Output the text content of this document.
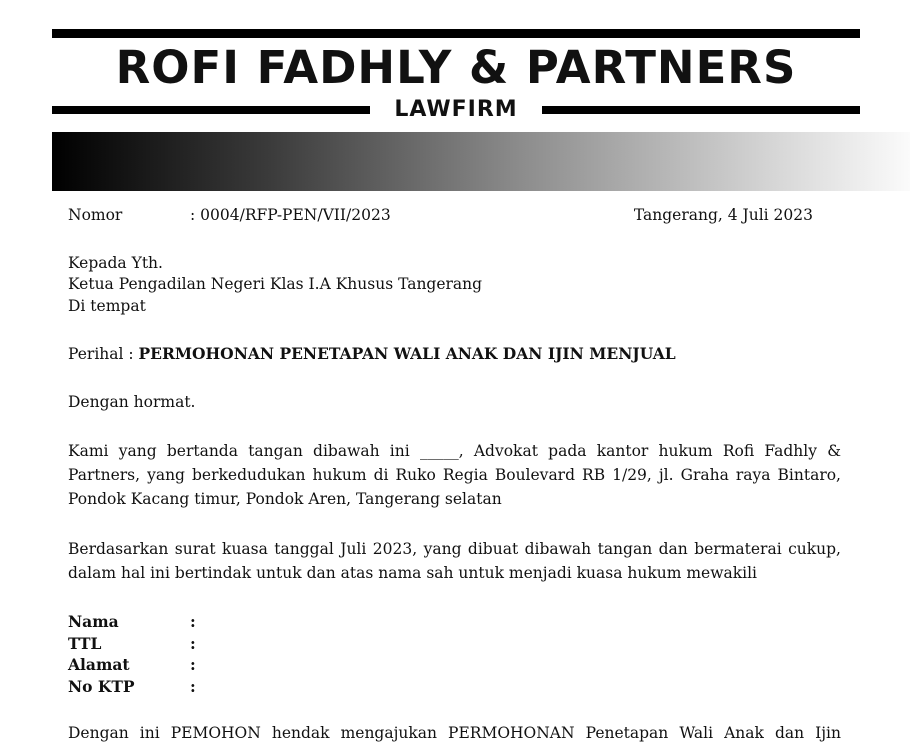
ROFI FADHLY & PARTNERS
LAWFIRM
Nomor	: 0004/RFP-PEN/VII/2023	Tangerang, 4 Juli 2023
Kepada Yth.
Ketua Pengadilan Negeri Klas I.A Khusus Tangerang
Di tempat
Perihal : PERMOHONAN PENETAPAN WALI ANAK DAN IJIN MENJUAL
Dengan hormat.
Kami yang bertanda tangan dibawah ini _____, Advokat pada kantor hukum Rofi Fadhly & Partners, yang berkedudukan hukum di Ruko Regia Boulevard RB 1/29, jl. Graha raya Bintaro, Pondok Kacang timur, Pondok Aren, Tangerang selatan
Berdasarkan surat kuasa tanggal Juli 2023, yang dibuat dibawah tangan dan bermaterai cukup, dalam hal ini bertindak untuk dan atas nama sah untuk menjadi kuasa hukum mewakili
Nama	:
TTL	:
Alamat	:
No KTP	:
Dengan ini PEMOHON hendak mengajukan PERMOHONAN Penetapan Wali Anak dan Ijin
